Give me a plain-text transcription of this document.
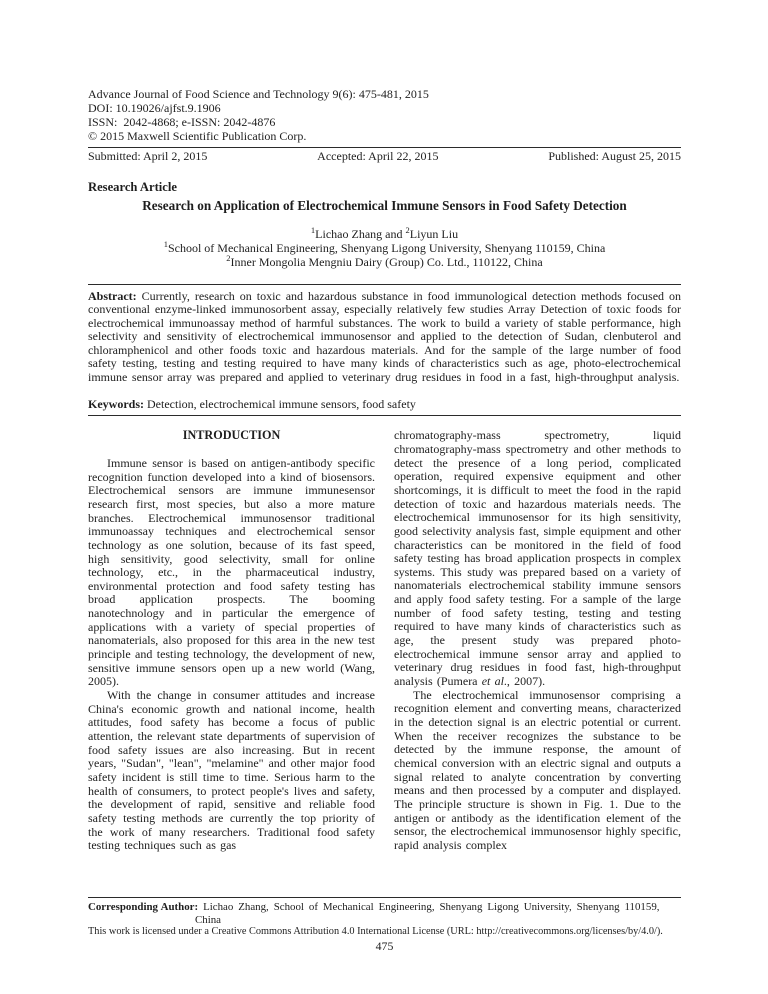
Advance Journal of Food Science and Technology 9(6): 475-481, 2015
DOI: 10.19026/ajfst.9.1906
ISSN:  2042-4868; e-ISSN: 2042-4876
© 2015 Maxwell Scientific Publication Corp.
Submitted: April 2, 2015	Accepted: April 22, 2015	Published: August 25, 2015
Research Article
Research on Application of Electrochemical Immune Sensors in Food Safety Detection
$^1$Lichao Zhang and $^2$Liyun Liu
$^1$School of Mechanical Engineering, Shenyang Ligong University, Shenyang 110159, China
$^2$Inner Mongolia Mengniu Dairy (Group) Co. Ltd., 110122, China

Abstract: Currently, research on toxic and hazardous substance in food immunological detection methods focused on conventional enzyme-linked immunosorbent assay, especially relatively few studies Array Detection of toxic foods for electrochemical immunoassay method of harmful substances. The work to build a variety of stable performance, high selectivity and sensitivity of electrochemical immunosensor and applied to the detection of Sudan, clenbuterol and chloramphenicol and other foods toxic and hazardous materials. And for the sample of the large number of food safety testing, testing and testing required to have many kinds of characteristics such as age, photo-electrochemical immune sensor array was prepared and applied to veterinary drug residues in food in a fast, high-throughput analysis.

Keywords: Detection, electrochemical immune sensors, food safety

INTRODUCTION

Immune sensor is based on antigen-antibody specific recognition function developed into a kind of biosensors. Electrochemical sensors are immune immunesensor research first, most species, but also a more mature branches. Electrochemical immunosensor traditional immunoassay techniques and electrochemical sensor technology as one solution, because of its fast speed, high sensitivity, good selectivity, small for online technology, etc., in the pharmaceutical industry, environmental protection and food safety testing has broad application prospects. The booming nanotechnology and in particular the emergence of applications with a variety of special properties of nanomaterials, also proposed for this area in the new test principle and testing technology, the development of new, sensitive immune sensors open up a new world (Wang, 2005).

With the change in consumer attitudes and increase China's economic growth and national income, health attitudes, food safety has become a focus of public attention, the relevant state departments of supervision of food safety issues are also increasing. But in recent years, "Sudan", "lean", "melamine" and other major food safety incident is still time to time. Serious harm to the health of consumers, to protect people's lives and safety, the development of rapid, sensitive and reliable food safety testing methods are currently the top priority of the work of many researchers. Traditional food safety testing techniques such as gas

chromatography-mass spectrometry, liquid chromatography-mass spectrometry and other methods to detect the presence of a long period, complicated operation, required expensive equipment and other shortcomings, it is difficult to meet the food in the rapid detection of toxic and hazardous materials needs. The electrochemical immunosensor for its high sensitivity, good selectivity analysis fast, simple equipment and other characteristics can be monitored in the field of food safety testing has broad application prospects in complex systems. This study was prepared based on a variety of nanomaterials electrochemical stability immune sensors and apply food safety testing. For a sample of the large number of food safety testing, testing and testing required to have many kinds of characteristics such as age, the present study was prepared photo-electrochemical immune sensor array and applied to veterinary drug residues in food fast, high-throughput analysis (Pumera et al., 2007).

The electrochemical immunosensor comprising a recognition element and converting means, characterized in the detection signal is an electric potential or current. When the receiver recognizes the substance to be detected by the immune response, the amount of chemical conversion with an electric signal and outputs a signal related to analyte concentration by converting means and then processed by a computer and displayed. The principle structure is shown in Fig. 1. Due to the antigen or antibody as the identification element of the sensor, the electrochemical immunosensor highly specific, rapid analysis complex

Corresponding Author: Lichao Zhang, School of Mechanical Engineering, Shenyang Ligong University, Shenyang 110159,
China
This work is licensed under a Creative Commons Attribution 4.0 International License (URL: http://creativecommons.org/licenses/by/4.0/).
475
